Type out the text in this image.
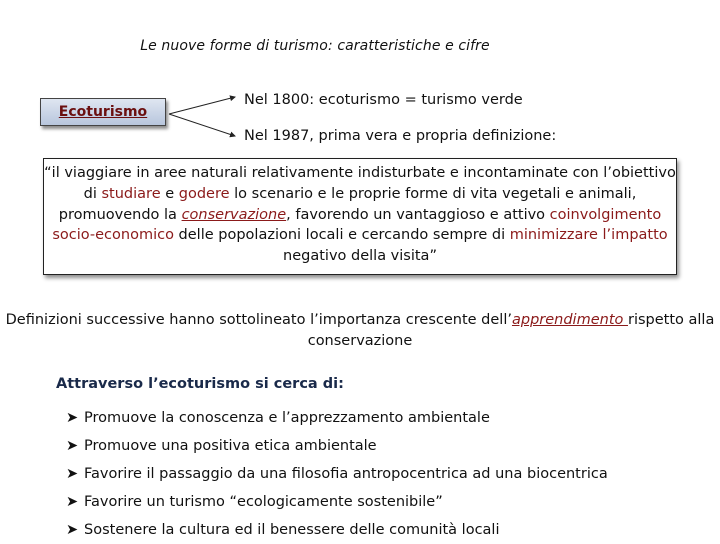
Le nuove forme di turismo: caratteristiche e cifre
Ecoturismo
Nel 1800: ecoturismo = turismo verde
Nel 1987, prima vera e propria definizione:
“il viaggiare in aree naturali relativamente indisturbate e incontaminate con l’obiettivo di studiare e godere lo scenario e le proprie forme di vita vegetali e animali, promuovendo la conservazione, favorendo un vantaggioso e attivo coinvolgimento socio-economico delle popolazioni locali e cercando sempre di minimizzare l’impatto negativo della visita”
Definizioni successive hanno sottolineato l’importanza crescente dell’apprendimento rispetto alla conservazione
Attraverso l’ecoturismo si cerca di:
➤ Promuove la conoscenza e l’apprezzamento ambientale
➤ Promuove una positiva etica ambientale
➤ Favorire il passaggio da una filosofia antropocentrica ad una biocentrica
➤ Favorire un turismo “ecologicamente sostenibile”
➤ Sostenere la cultura ed il benessere delle comunità locali
